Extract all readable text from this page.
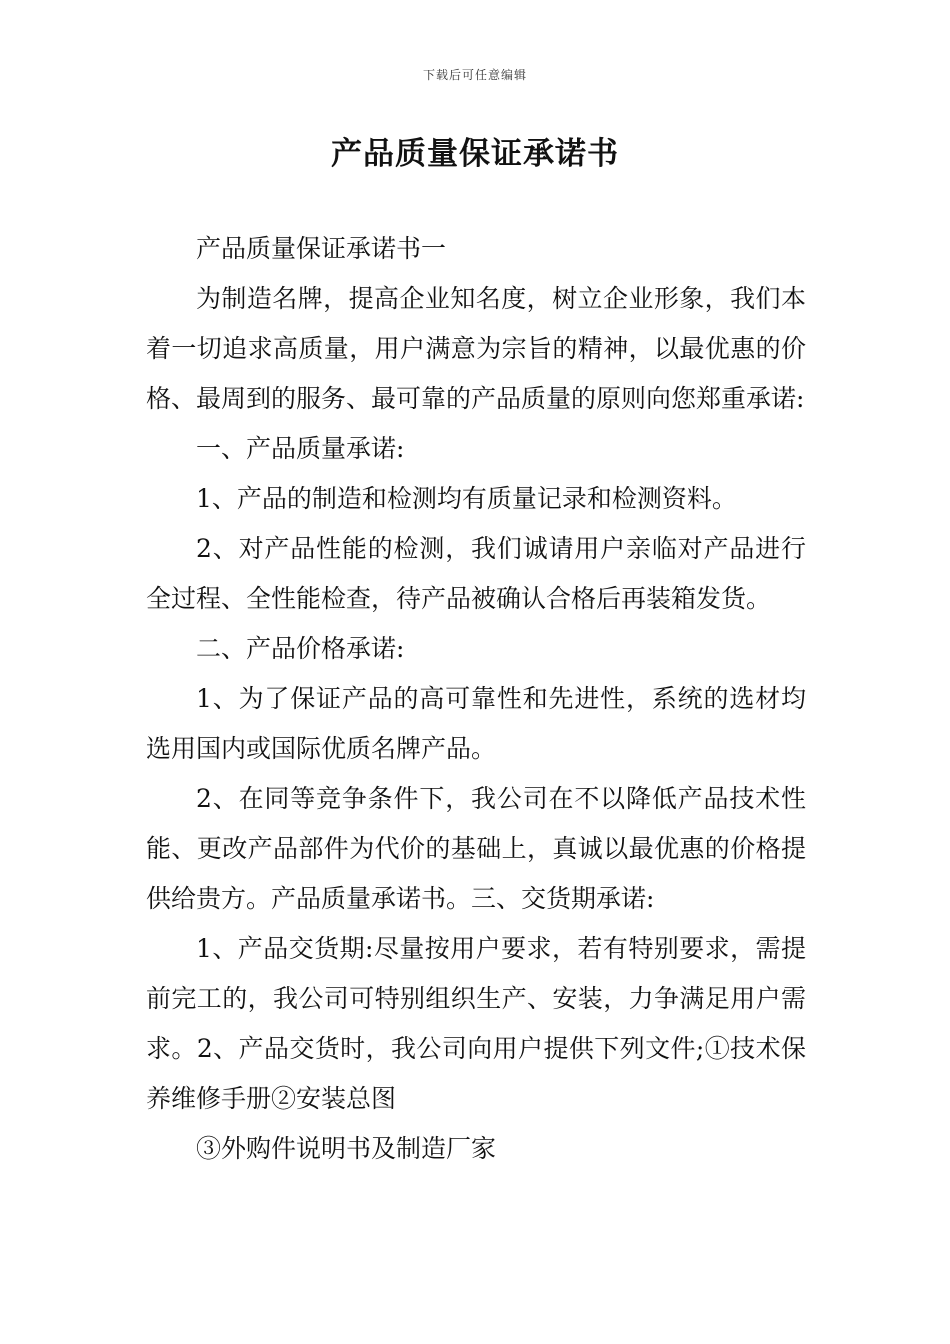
下载后可任意编辑
产品质量保证承诺书

产品质量保证承诺书一

为制造名牌，提高企业知名度，树立企业形象，我们本着一切追求高质量，用户满意为宗旨的精神，以最优惠的价格、最周到的服务、最可靠的产品质量的原则向您郑重承诺:

一、产品质量承诺:

1、产品的制造和检测均有质量记录和检测资料。

2、对产品性能的检测，我们诚请用户亲临对产品进行全过程、全性能检查，待产品被确认合格后再装箱发货。

二、产品价格承诺:

1、为了保证产品的高可靠性和先进性，系统的选材均选用国内或国际优质名牌产品。

2、在同等竞争条件下，我公司在不以降低产品技术性能、更改产品部件为代价的基础上，真诚以最优惠的价格提供给贵方。产品质量承诺书。三、交货期承诺:

1、产品交货期:尽量按用户要求，若有特别要求，需提前完工的，我公司可特别组织生产、安装，力争满足用户需求。2、产品交货时，我公司向用户提供下列文件;①技术保养维修手册②安装总图

③外购件说明书及制造厂家
